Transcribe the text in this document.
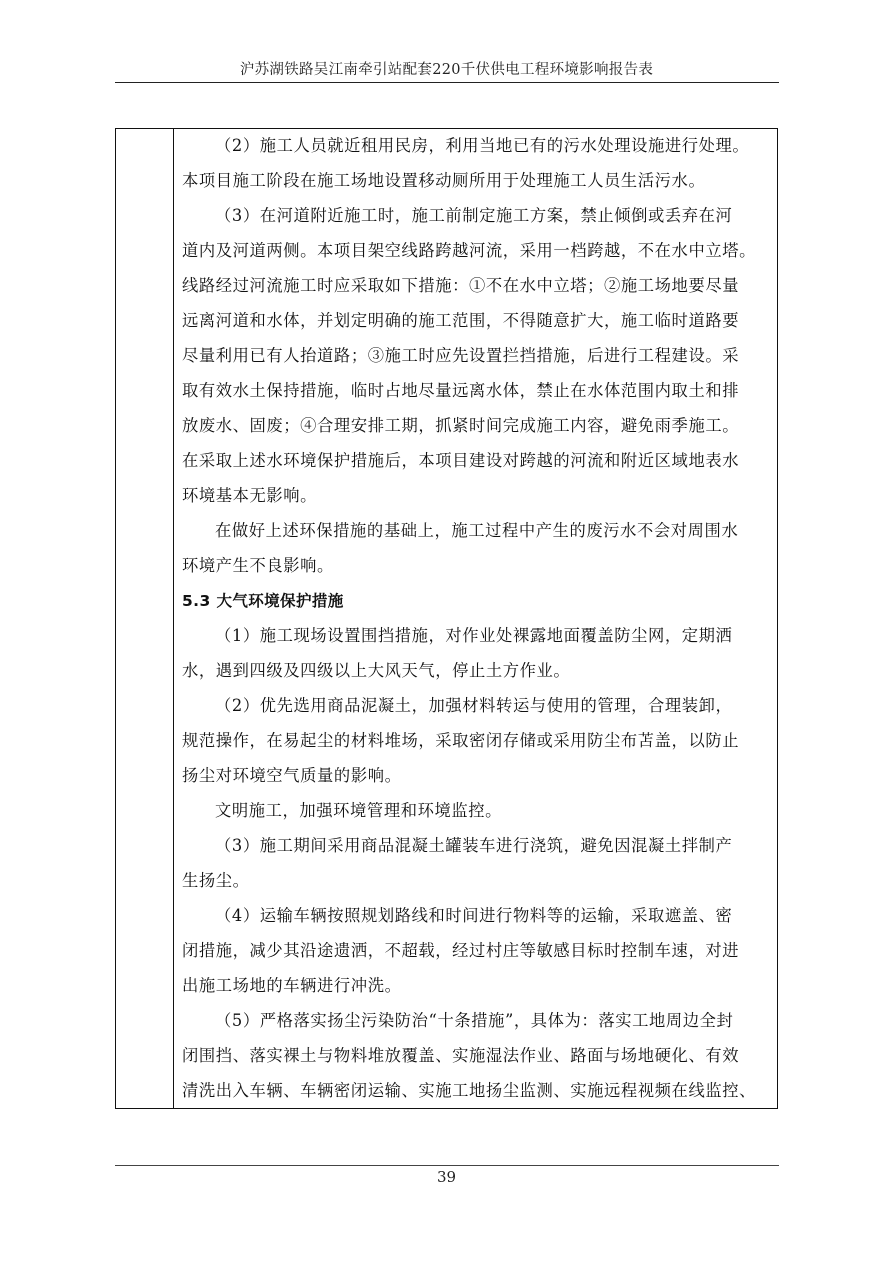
沪苏湖铁路吴江南牵引站配套220千伏供电工程环境影响报告表
（2）施工人员就近租用民房，利用当地已有的污水处理设施进行处理。
本项目施工阶段在施工场地设置移动厕所用于处理施工人员生活污水。
（3）在河道附近施工时，施工前制定施工方案，禁止倾倒或丢弃在河
道内及河道两侧。本项目架空线路跨越河流，采用一档跨越，不在水中立塔。
线路经过河流施工时应采取如下措施：①不在水中立塔；②施工场地要尽量
远离河道和水体，并划定明确的施工范围，不得随意扩大，施工临时道路要
尽量利用已有人抬道路；③施工时应先设置拦挡措施，后进行工程建设。采
取有效水土保持措施，临时占地尽量远离水体，禁止在水体范围内取土和排
放废水、固废；④合理安排工期，抓紧时间完成施工内容，避免雨季施工。
在采取上述水环境保护措施后，本项目建设对跨越的河流和附近区域地表水
环境基本无影响。
在做好上述环保措施的基础上，施工过程中产生的废污水不会对周围水
环境产生不良影响。
5.3 大气环境保护措施
（1）施工现场设置围挡措施，对作业处裸露地面覆盖防尘网，定期洒
水，遇到四级及四级以上大风天气，停止土方作业。
（2）优先选用商品泥凝土，加强材料转运与使用的管理，合理装卸，
规范操作，在易起尘的材料堆场，采取密闭存储或采用防尘布苫盖，以防止
扬尘对环境空气质量的影响。
文明施工，加强环境管理和环境监控。
（3）施工期间采用商品混凝土罐装车进行浇筑，避免因混凝土拌制产
生扬尘。
（4）运输车辆按照规划路线和时间进行物料等的运输，采取遮盖、密
闭措施，减少其沿途遗洒，不超载，经过村庄等敏感目标时控制车速，对进
出施工场地的车辆进行冲洗。
（5）严格落实扬尘污染防治“十条措施”，具体为：落实工地周边全封
闭围挡、落实裸土与物料堆放覆盖、实施湿法作业、路面与场地硬化、有效
清洗出入车辆、车辆密闭运输、实施工地扬尘监测、实施远程视频在线监控、
39
